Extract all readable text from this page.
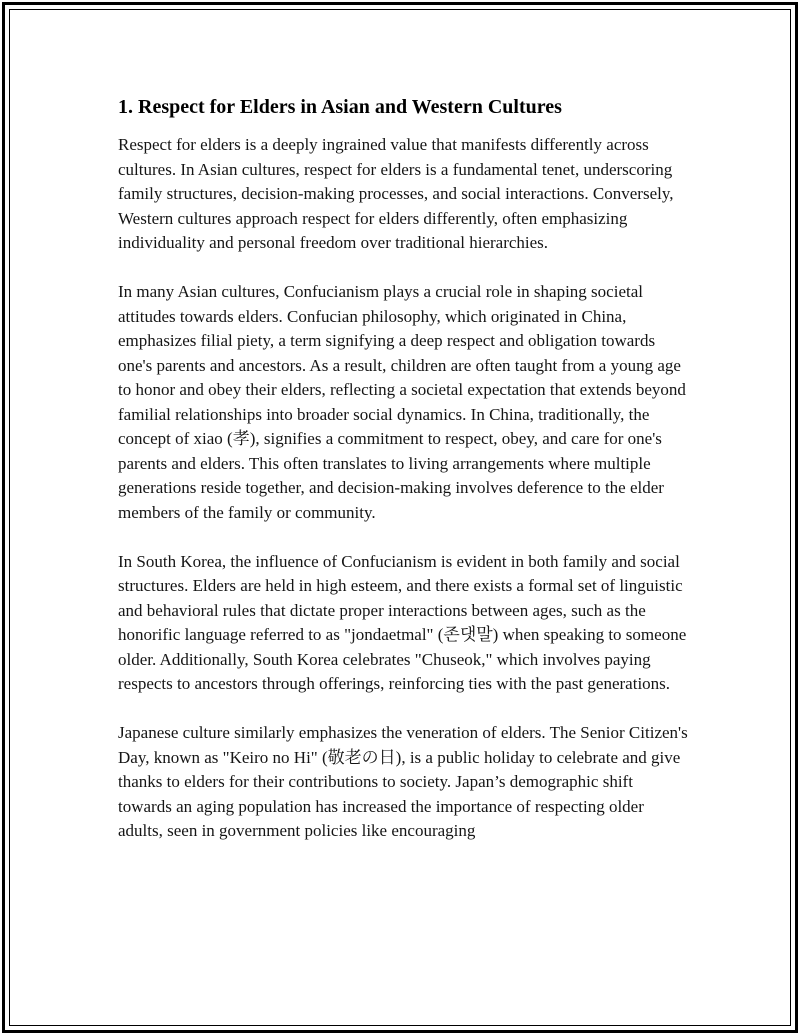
1. Respect for Elders in Asian and Western Cultures

Respect for elders is a deeply ingrained value that manifests differently across cultures. In Asian cultures, respect for elders is a fundamental tenet, underscoring family structures, decision-making processes, and social interactions. Conversely, Western cultures approach respect for elders differently, often emphasizing individuality and personal freedom over traditional hierarchies.

In many Asian cultures, Confucianism plays a crucial role in shaping societal attitudes towards elders. Confucian philosophy, which originated in China, emphasizes filial piety, a term signifying a deep respect and obligation towards one's parents and ancestors. As a result, children are often taught from a young age to honor and obey their elders, reflecting a societal expectation that extends beyond familial relationships into broader social dynamics. In China, traditionally, the concept of xiao (孝), signifies a commitment to respect, obey, and care for one's parents and elders. This often translates to living arrangements where multiple generations reside together, and decision-making involves deference to the elder members of the family or community.

In South Korea, the influence of Confucianism is evident in both family and social structures. Elders are held in high esteem, and there exists a formal set of linguistic and behavioral rules that dictate proper interactions between ages, such as the honorific language referred to as "jondaetmal" (존댓말) when speaking to someone older. Additionally, South Korea celebrates "Chuseok," which involves paying respects to ancestors through offerings, reinforcing ties with the past generations.

Japanese culture similarly emphasizes the veneration of elders. The Senior Citizen's Day, known as "Keiro no Hi" (敬老の日), is a public holiday to celebrate and give thanks to elders for their contributions to society. Japan’s demographic shift towards an aging population has increased the importance of respecting older adults, seen in government policies like encouraging
